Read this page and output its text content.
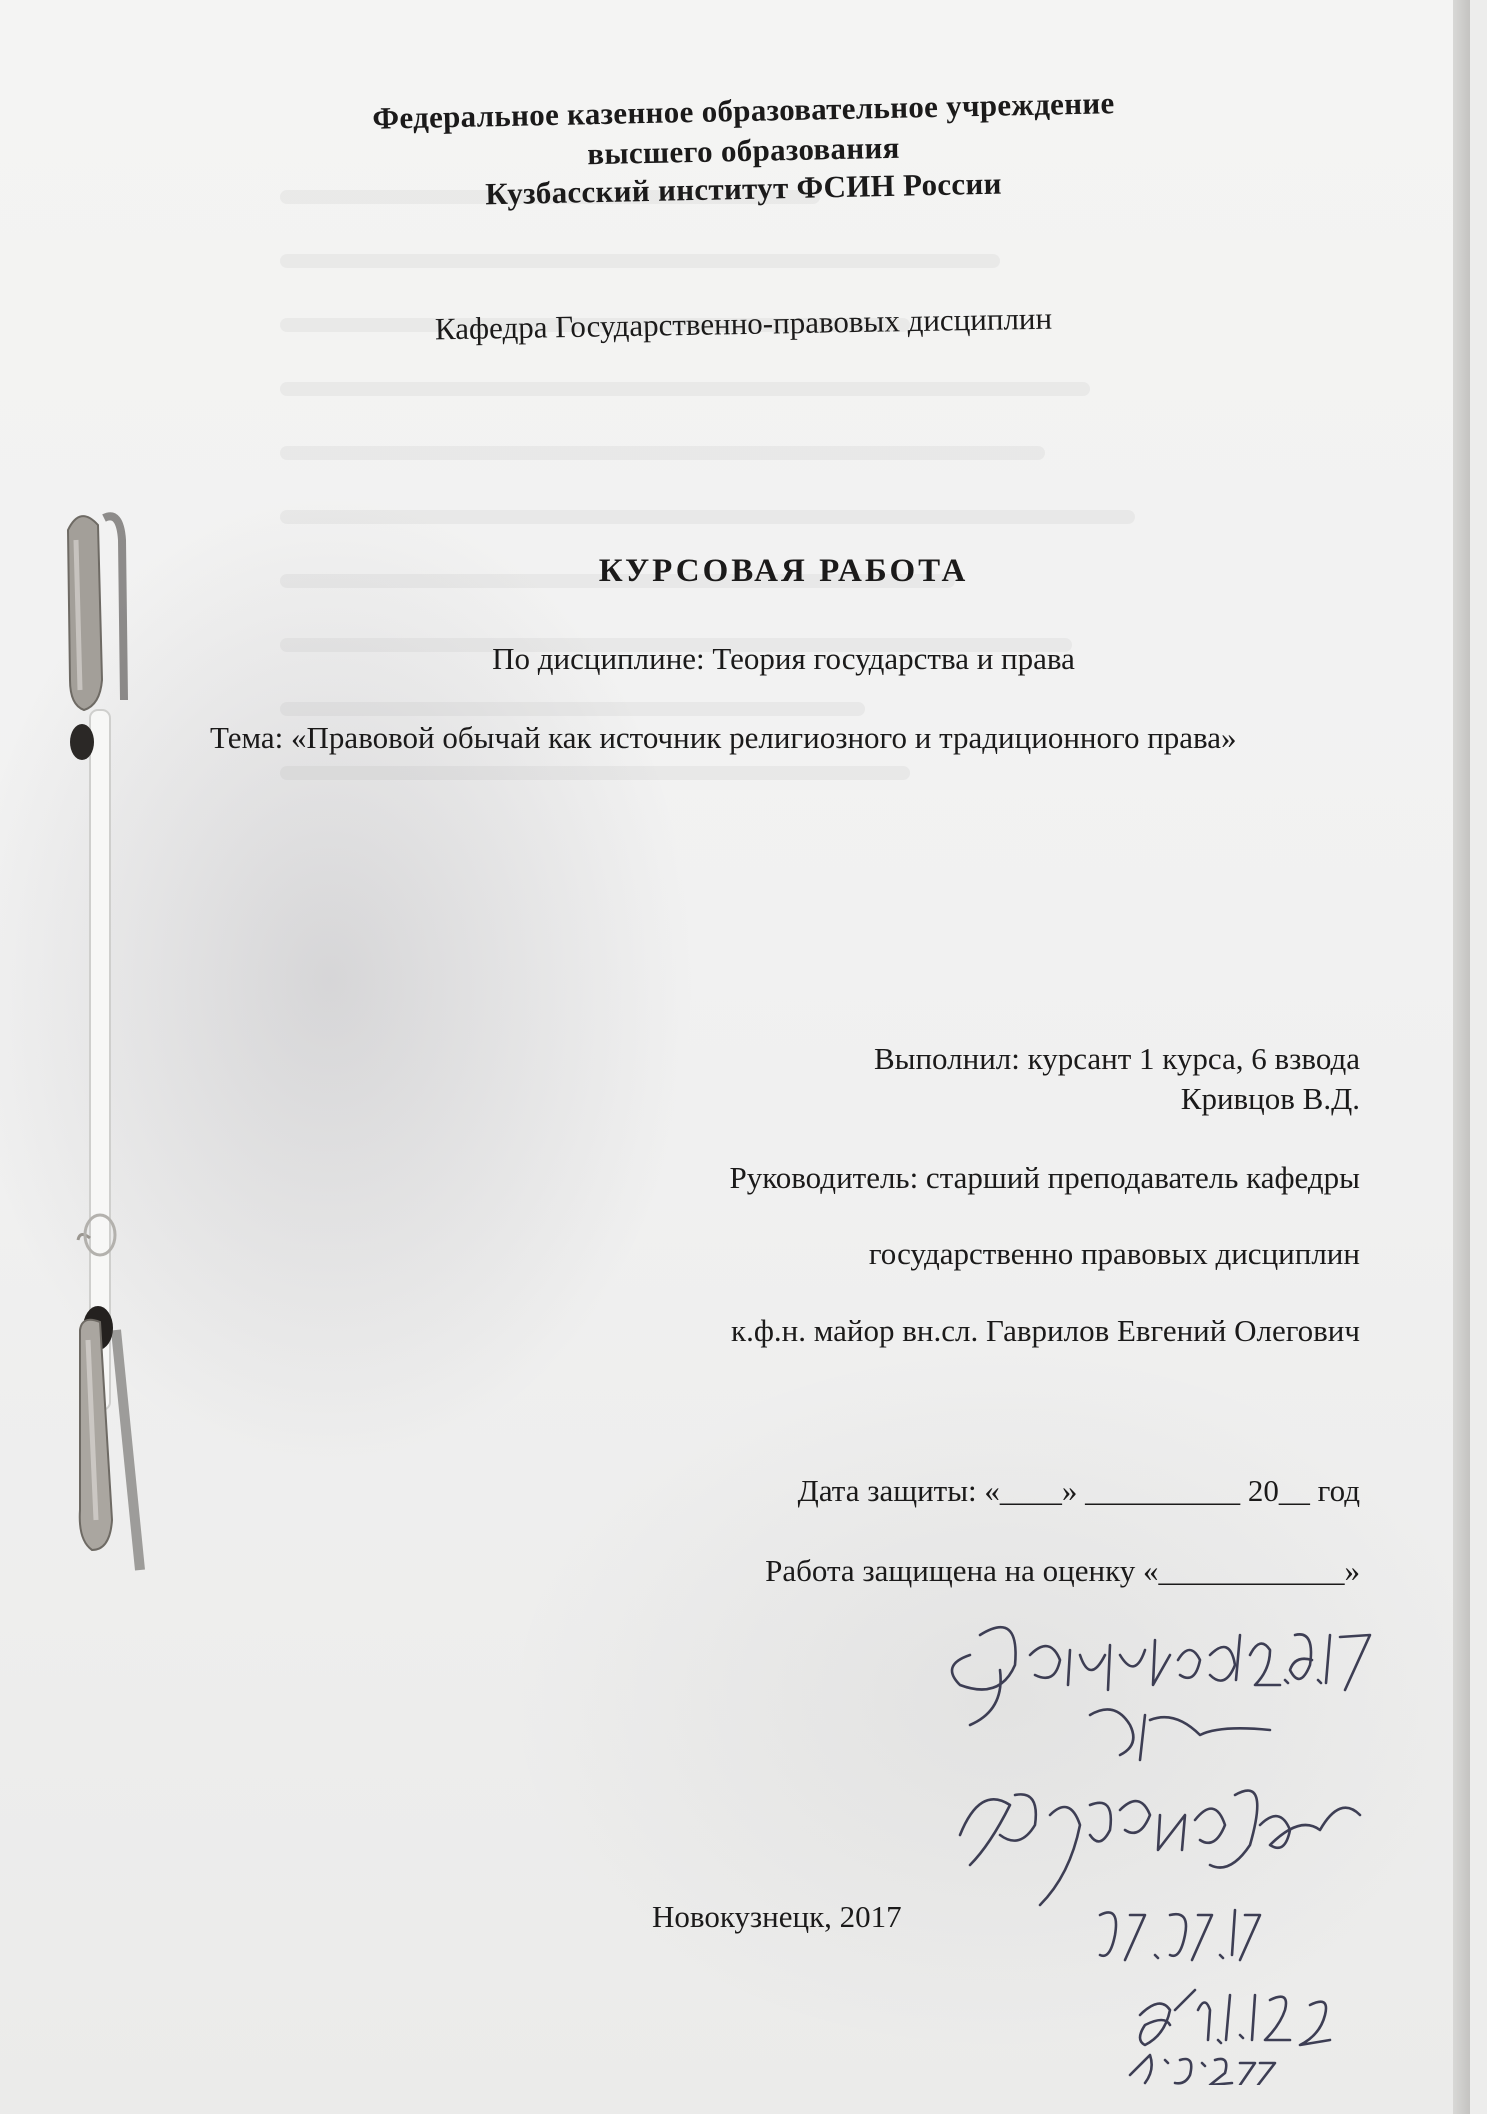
Федеральное казенное образовательное учреждение
высшего образования
Кузбасский институт ФСИН России
Кафедра Государственно-правовых дисциплин
КУРСОВАЯ РАБОТА
По дисциплине: Теория государства и права
Тема: «Правовой обычай как источник религиозного и традиционного права»
Выполнил: курсант 1 курса, 6 взвода
Кривцов В.Д.
Руководитель: старший преподаватель кафедры
государственно правовых дисциплин
к.ф.н. майор вн.сл. Гаврилов Евгений Олегович
Дата защиты: «____» __________ 20__ год
Работа защищена на оценку «____________»
Новокузнецк, 2017
